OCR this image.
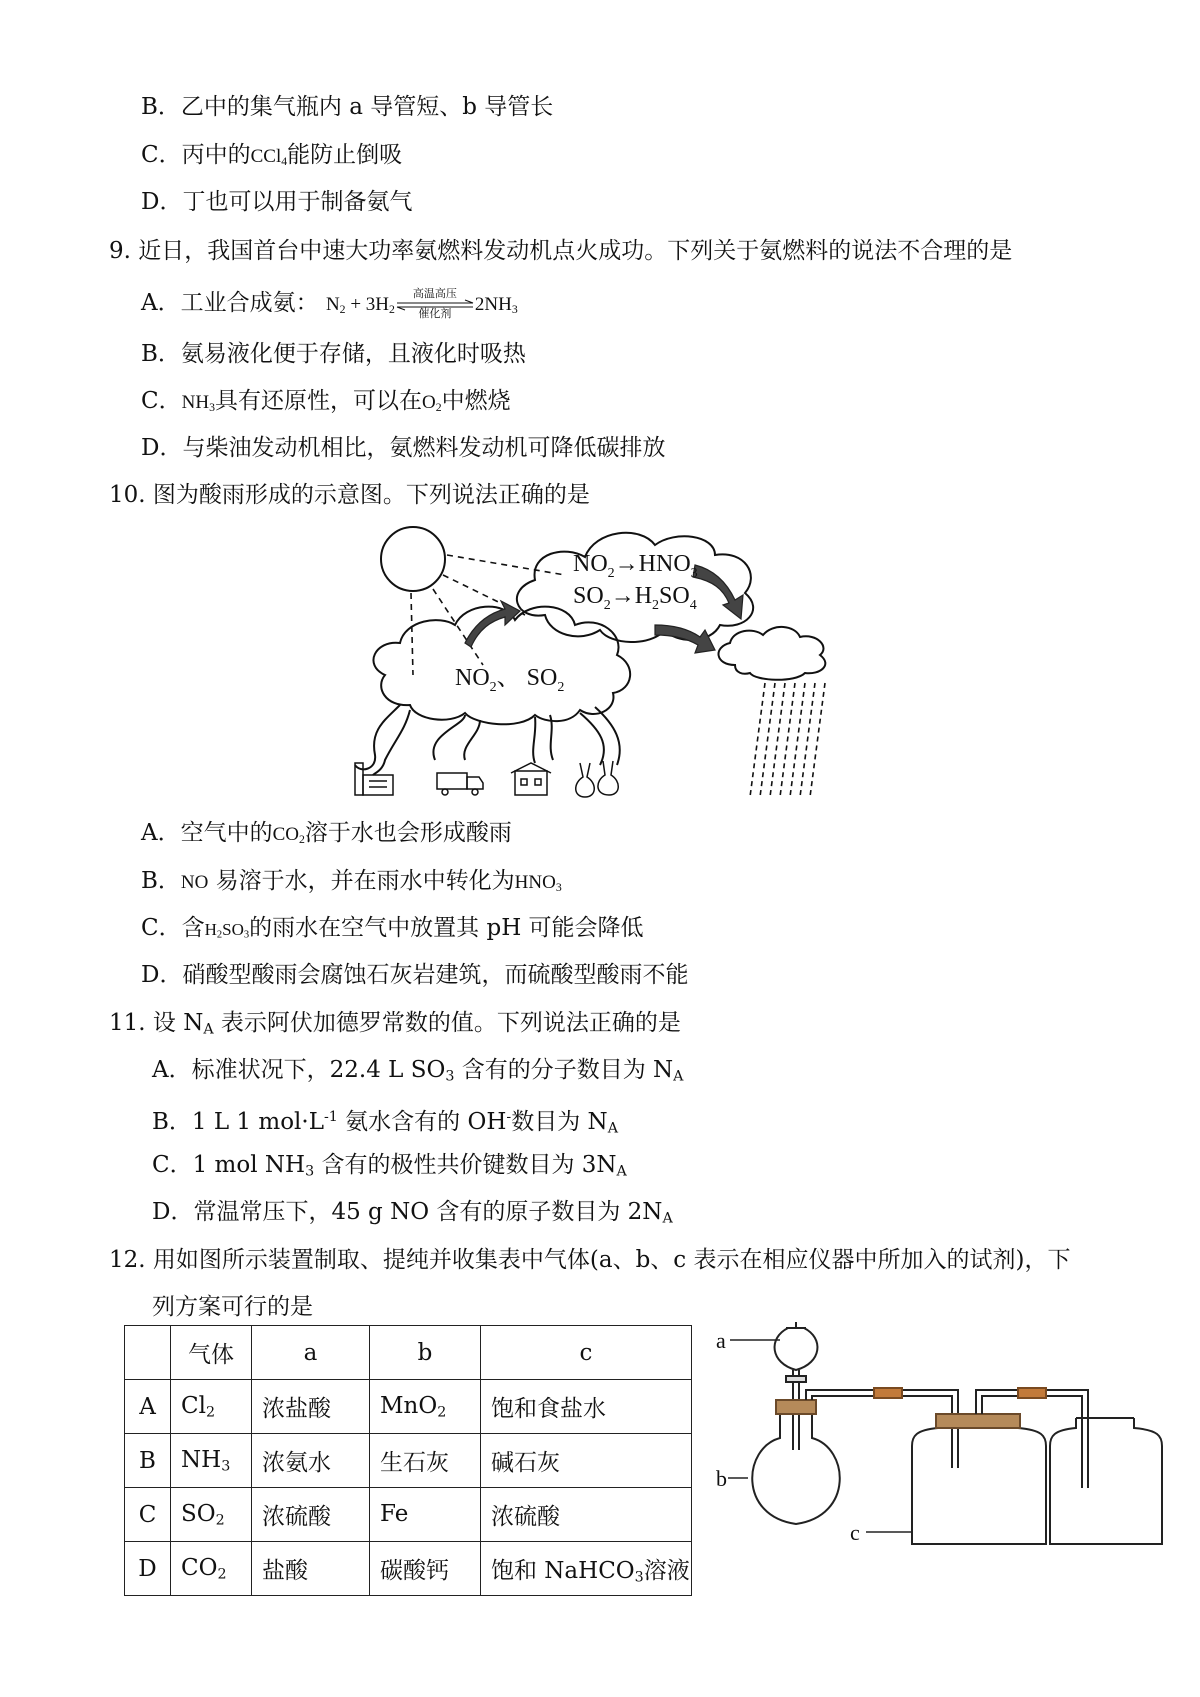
B．乙中的集气瓶内 a 导管短、b 导管长
C．丙中的CCl$_4$能防止倒吸
D．丁也可以用于制备氨气
9. 近日，我国首台中速大功率氨燃料发动机点火成功。下列关于氨燃料的说法不合理的是
A．工业合成氨： $N_2 + 3H_2$
高温高压
催化剂	$2NH_3$
B．氨易液化便于存储，且液化时吸热
C．$NH_3$具有还原性，可以在$O_2$中燃烧
D．与柴油发动机相比，氨燃料发动机可降低碳排放
10. 图为酸雨形成的示意图。下列说法正确的是
$NO_2\to HNO_3$
$SO_2\to H_2SO_4$
$NO_2$、 $SO_2$
A．空气中的$CO_2$溶于水也会形成酸雨
B．NO 易溶于水，并在雨水中转化为$HNO_3$
C．含$H_2SO_3$的雨水在空气中放置其 pH 可能会降低
D．硝酸型酸雨会腐蚀石灰岩建筑，而硫酸型酸雨不能
11. 设 $N_A$ 表示阿伏加德罗常数的值。下列说法正确的是
A．标准状况下，22.4 L $SO_3$ 含有的分子数目为 $N_A$
B．1 L 1 $mol\cdot L^{-1}$ 氨水含有的 OH-数目为 $N_A$
C．1 mol $NH_3$ 含有的极性共价键数目为 $3N_A$
D．常温常压下，45 g NO 含有的原子数目为 $2N_A$
12. 用如图所示装置制取、提纯并收集表中气体(a、b、c 表示在相应仪器中所加入的试剂)，下
列方案可行的是
	气体	a	b	c
A	$Cl_2$	浓盐酸	MnO$_2$	饱和食盐水
B	$NH_3$	浓氨水	生石灰	碱石灰
C	$SO_2$	浓硫酸	Fe	浓硫酸
D	$CO_2$	盐酸	碳酸钙	饱和 NaHCO$_3$溶液
a
b
c
